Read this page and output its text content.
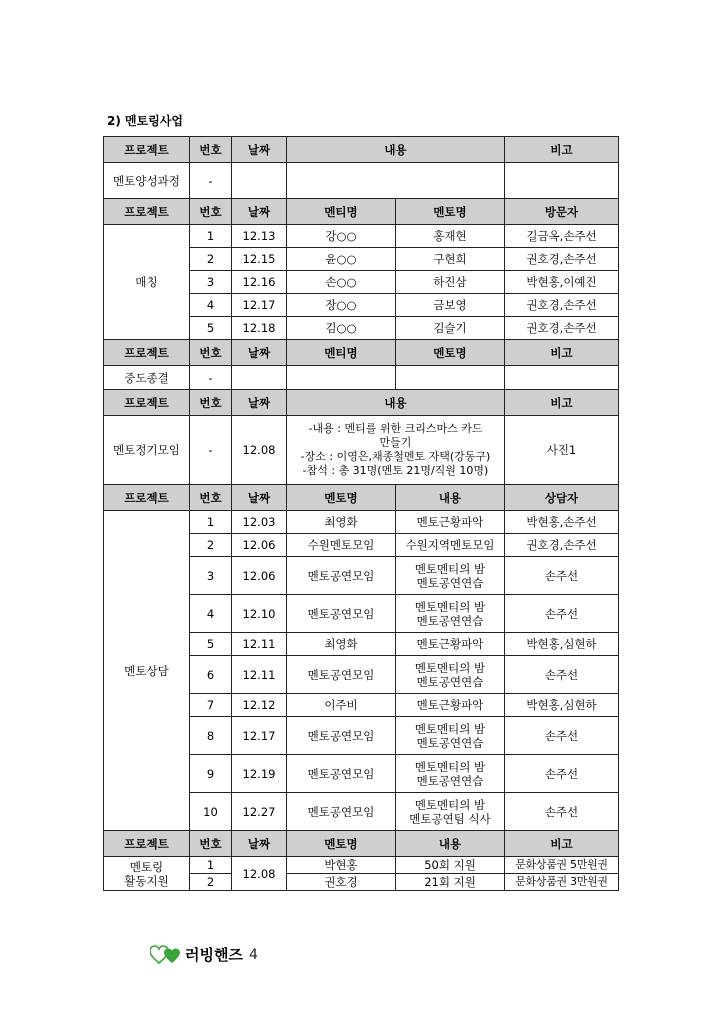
2) 멘토링사업
프로젝트	번호	날짜	내용		비고
멘토양성과정	-				
프로젝트	번호	날짜	멘티명	멘토명	방문자
매칭	1	12.13	강○○	홍재현	길금옥,손주선
	2	12.15	윤○○	구현희	권호경,손주선
	3	12.16	손○○	하진삼	박현홍,이예진
	4	12.17	장○○	금보영	권호경,손주선
	5	12.18	김○○	김슬기	권호경,손주선
프로젝트	번호	날짜	멘티명	멘토명	비고
중도종결	-				
프로젝트	번호	날짜	내용		비고
멘토정기모임	-	12.08	-내용 : 멘티를 위한 크리스마스 카드
만들기
-장소 : 이영은,채종철멘토 자택(강동구)
-참석 : 총 31명(멘토 21명/직원 10명)		사진1
프로젝트	번호	날짜	멘토명	내용	상담자
멘토상담	1	12.03	최영화	멘토근황파악	박현홍,손주선
	2	12.06	수원멘토모임	수원지역멘토모임	권호경,손주선
	3	12.06	멘토공연모임	멘토멘티의 밤
멘토공연연습	손주선
	4	12.10	멘토공연모임	멘토멘티의 밤
멘토공연연습	손주선
	5	12.11	최영화	멘토근황파악	박현홍,심현하
	6	12.11	멘토공연모임	멘토멘티의 밤
멘토공연연습	손주선
	7	12.12	이주비	멘토근황파악	박현홍,심현하
	8	12.17	멘토공연모임	멘토멘티의 밤
멘토공연연습	손주선
	9	12.19	멘토공연모임	멘토멘티의 밤
멘토공연연습	손주선
	10	12.27	멘토공연모임	멘토멘티의 밤
멘토공연팀 식사	손주선
프로젝트	번호	날짜	멘토명	내용	비고

멘토링
활동지원	1	12.08	박현홍	50회 지원	문화상품권 5만원권
	2		권호경	21회 지원	문화상품권 3만원권
러빙핸즈 4
